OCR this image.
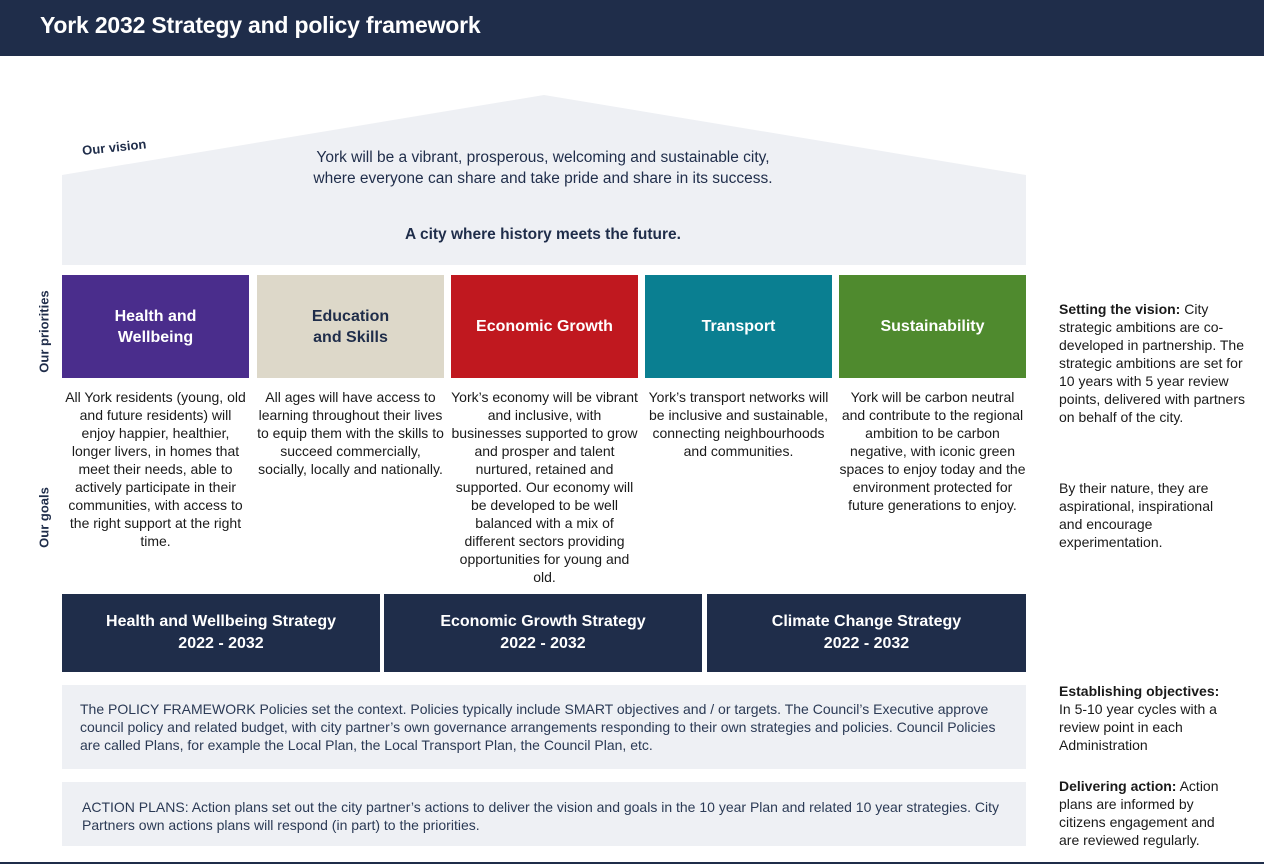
York 2032 Strategy and policy framework
Our vision	York will be a vibrant, prosperous, welcoming and sustainable city, where everyone can share and take pride and share in its success.
A city where history meets the future.
Our priorities
Our goals
Health and Wellbeing
Education and Skills
Economic Growth	Transport	Sustainability
All York residents (young, old and future residents) will enjoy happier, healthier, longer livers, in homes that meet their needs, able to actively participate in their communities, with access to the right support at the right time.
All ages will have access to learning throughout their lives to equip them with the skills to succeed commercially, socially, locally and nationally.
York’s economy will be vibrant and inclusive, with businesses supported to grow and prosper and talent nurtured, retained and supported. Our economy will be developed to be well balanced with a mix of different sectors providing opportunities for young and old.
York’s transport networks will be inclusive and sustainable, connecting neighbourhoods and communities.
York will be carbon neutral and contribute to the regional ambition to be carbon negative, with iconic green spaces to enjoy today and the environment protected for future generations to enjoy.
Health and Wellbeing Strategy
2022 - 2032
Economic Growth Strategy
2022 - 2032
Climate Change Strategy
2022 - 2032

The POLICY FRAMEWORK Policies set the context. Policies typically include SMART objectives and / or targets. The Council’s Executive approve council policy and related budget, with city partner’s own governance arrangements responding to their own strategies and policies. Council Policies are called Plans, for example the Local Plan, the Local Transport Plan, the Council Plan, etc.

ACTION PLANS: Action plans set out the city partner’s actions to deliver the vision and goals in the 10 year Plan and related 10 year strategies. City Partners own actions plans will respond (in part) to the priorities.

Setting the vision: City strategic ambitions are co-developed in partnership. The strategic ambitions are set for 10 years with 5 year review points, delivered with partners on behalf of the city.
By their nature, they are aspirational, inspirational and encourage experimentation.
Establishing objectives:
In 5-10 year cycles with a review point in each Administration
Delivering action: Action plans are informed by citizens engagement and are reviewed regularly.
